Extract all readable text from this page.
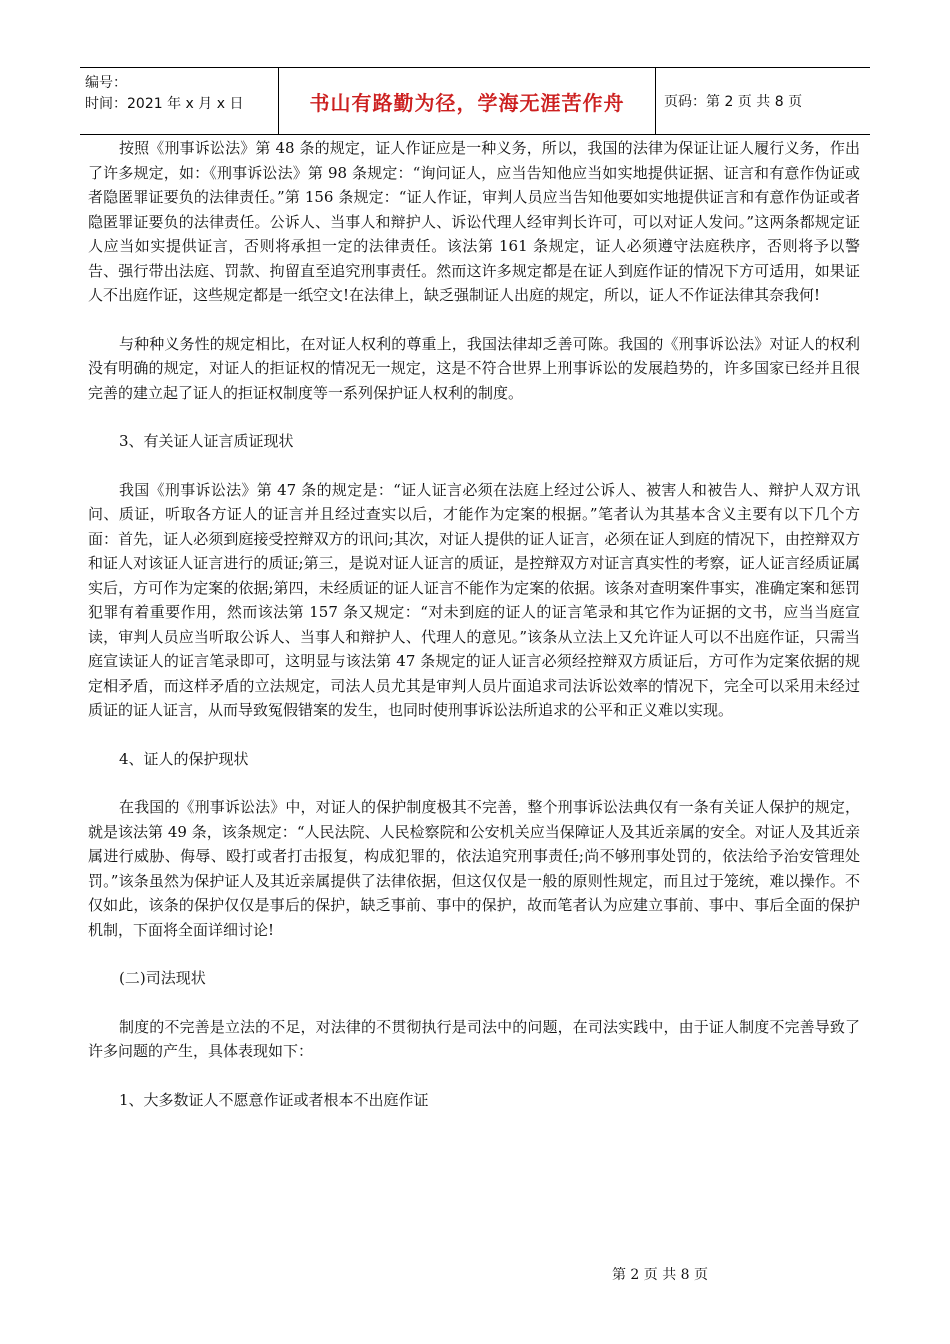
编号：
时间：2021 年 x 月 x 日	书山有路勤为径，学海无涯苦作舟	页码：第 2 页 共 8 页

按照《刑事诉讼法》第 48 条的规定，证人作证应是一种义务，所以，我国的法律为保证让证人履行义务，作出了许多规定，如：《刑事诉讼法》第 98 条规定：“询问证人，应当告知他应当如实地提供证据、证言和有意作伪证或者隐匿罪证要负的法律责任。”第 156 条规定：“证人作证，审判人员应当告知他要如实地提供证言和有意作伪证或者隐匿罪证要负的法律责任。公诉人、当事人和辩护人、诉讼代理人经审判长许可，可以对证人发问。”这两条都规定证人应当如实提供证言，否则将承担一定的法律责任。该法第 161 条规定，证人必须遵守法庭秩序，否则将予以警告、强行带出法庭、罚款、拘留直至追究刑事责任。然而这许多规定都是在证人到庭作证的情况下方可适用，如果证人不出庭作证，这些规定都是一纸空文!在法律上，缺乏强制证人出庭的规定，所以，证人不作证法律其奈我何!

与种种义务性的规定相比，在对证人权利的尊重上，我国法律却乏善可陈。我国的《刑事诉讼法》对证人的权利没有明确的规定，对证人的拒证权的情况无一规定，这是不符合世界上刑事诉讼的发展趋势的，许多国家已经并且很完善的建立起了证人的拒证权制度等一系列保护证人权利的制度。

3、有关证人证言质证现状

我国《刑事诉讼法》第 47 条的规定是：“证人证言必须在法庭上经过公诉人、被害人和被告人、辩护人双方讯问、质证，听取各方证人的证言并且经过查实以后，才能作为定案的根据。”笔者认为其基本含义主要有以下几个方面：首先，证人必须到庭接受控辩双方的讯问;其次，对证人提供的证人证言，必须在证人到庭的情况下，由控辩双方和证人对该证人证言进行的质证;第三，是说对证人证言的质证，是控辩双方对证言真实性的考察，证人证言经质证属实后，方可作为定案的依据;第四，未经质证的证人证言不能作为定案的依据。该条对查明案件事实，准确定案和惩罚犯罪有着重要作用，然而该法第 157 条又规定：“对未到庭的证人的证言笔录和其它作为证据的文书，应当当庭宣读，审判人员应当听取公诉人、当事人和辩护人、代理人的意见。”该条从立法上又允许证人可以不出庭作证，只需当庭宣读证人的证言笔录即可，这明显与该法第 47 条规定的证人证言必须经控辩双方质证后，方可作为定案依据的规定相矛盾，而这样矛盾的立法规定，司法人员尤其是审判人员片面追求司法诉讼效率的情况下，完全可以采用未经过质证的证人证言，从而导致冤假错案的发生，也同时使刑事诉讼法所追求的公平和正义难以实现。

4、证人的保护现状

在我国的《刑事诉讼法》中，对证人的保护制度极其不完善，整个刑事诉讼法典仅有一条有关证人保护的规定，就是该法第 49 条，该条规定：“人民法院、人民检察院和公安机关应当保障证人及其近亲属的安全。对证人及其近亲属进行威胁、侮辱、殴打或者打击报复，构成犯罪的，依法追究刑事责任;尚不够刑事处罚的，依法给予治安管理处罚。”该条虽然为保护证人及其近亲属提供了法律依据，但这仅仅是一般的原则性规定，而且过于笼统，难以操作。不仅如此，该条的保护仅仅是事后的保护，缺乏事前、事中的保护，故而笔者认为应建立事前、事中、事后全面的保护机制，下面将全面详细讨论!

(二)司法现状

制度的不完善是立法的不足，对法律的不贯彻执行是司法中的问题，在司法实践中，由于证人制度不完善导致了许多问题的产生，具体表现如下：

1、大多数证人不愿意作证或者根本不出庭作证

第 2 页 共 8 页
